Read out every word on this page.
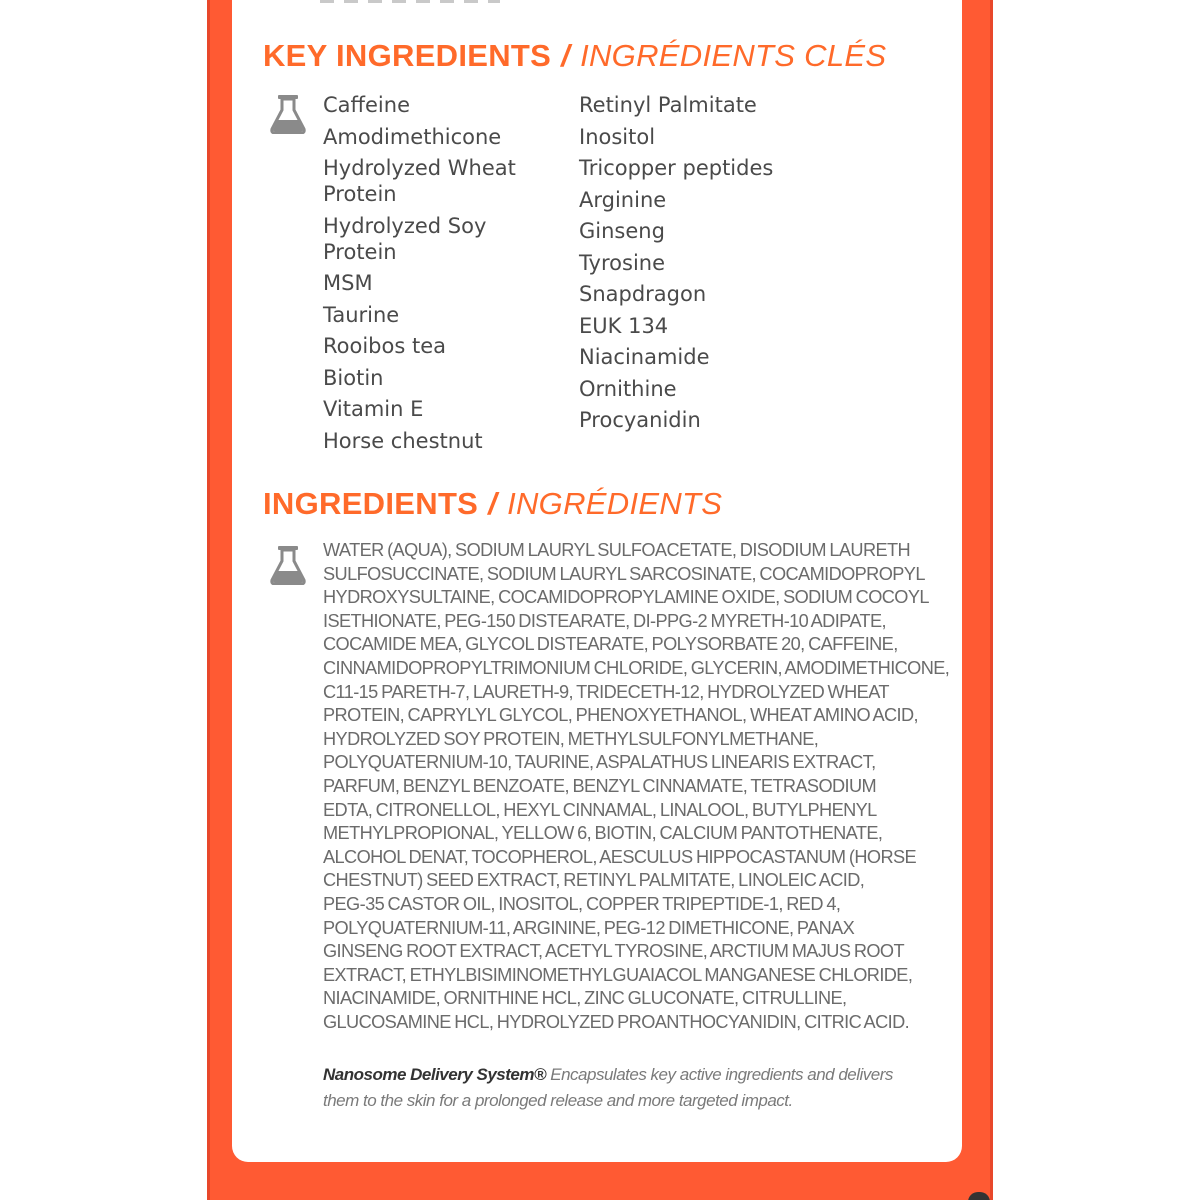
KEY INGREDIENTS / INGRÉDIENTS CLÉS
Caffeine
Amodimethicone
Hydrolyzed Wheat Protein
Hydrolyzed Soy Protein
MSM
Taurine
Rooibos tea
Biotin
Vitamin E
Horse chestnut
Retinyl Palmitate
Inositol
Tricopper peptides
Arginine
Ginseng
Tyrosine
Snapdragon
EUK 134
Niacinamide
Ornithine
Procyanidin
INGREDIENTS / INGRÉDIENTS

WATER (AQUA), SODIUM LAURYL SULFOACETATE, DISODIUM LAURETH
SULFOSUCCINATE, SODIUM LAURYL SARCOSINATE, COCAMIDOPROPYL
HYDROXYSULTAINE, COCAMIDOPROPYLAMINE OXIDE, SODIUM COCOYL
ISETHIONATE, PEG-150 DISTEARATE, DI-PPG-2 MYRETH-10 ADIPATE,
COCAMIDE MEA, GLYCOL DISTEARATE, POLYSORBATE 20, CAFFEINE,
CINNAMIDOPROPYLTRIMONIUM CHLORIDE, GLYCERIN, AMODIMETHICONE,
C11-15 PARETH-7, LAURETH-9, TRIDECETH-12, HYDROLYZED WHEAT
PROTEIN, CAPRYLYL GLYCOL, PHENOXYETHANOL, WHEAT AMINO ACID,
HYDROLYZED SOY PROTEIN, METHYLSULFONYLMETHANE,
POLYQUATERNIUM-10, TAURINE, ASPALATHUS LINEARIS EXTRACT,
PARFUM, BENZYL BENZOATE, BENZYL CINNAMATE, TETRASODIUM
EDTA, CITRONELLOL, HEXYL CINNAMAL, LINALOOL, BUTYLPHENYL
METHYLPROPIONAL, YELLOW 6, BIOTIN, CALCIUM PANTOTHENATE,
ALCOHOL DENAT, TOCOPHEROL, AESCULUS HIPPOCASTANUM (HORSE
CHESTNUT) SEED EXTRACT, RETINYL PALMITATE, LINOLEIC ACID,
PEG-35 CASTOR OIL, INOSITOL, COPPER TRIPEPTIDE-1, RED 4,
POLYQUATERNIUM-11, ARGININE, PEG-12 DIMETHICONE, PANAX
GINSENG ROOT EXTRACT, ACETYL TYROSINE, ARCTIUM MAJUS ROOT
EXTRACT, ETHYLBISIMINOMETHYLGUAIACOL MANGANESE CHLORIDE,
NIACINAMIDE, ORNITHINE HCL, ZINC GLUCONATE, CITRULLINE,
GLUCOSAMINE HCL, HYDROLYZED PROANTHOCYANIDIN, CITRIC ACID.

Nanosome Delivery System® Encapsulates key active ingredients and delivers them to the skin for a prolonged release and more targeted impact.
